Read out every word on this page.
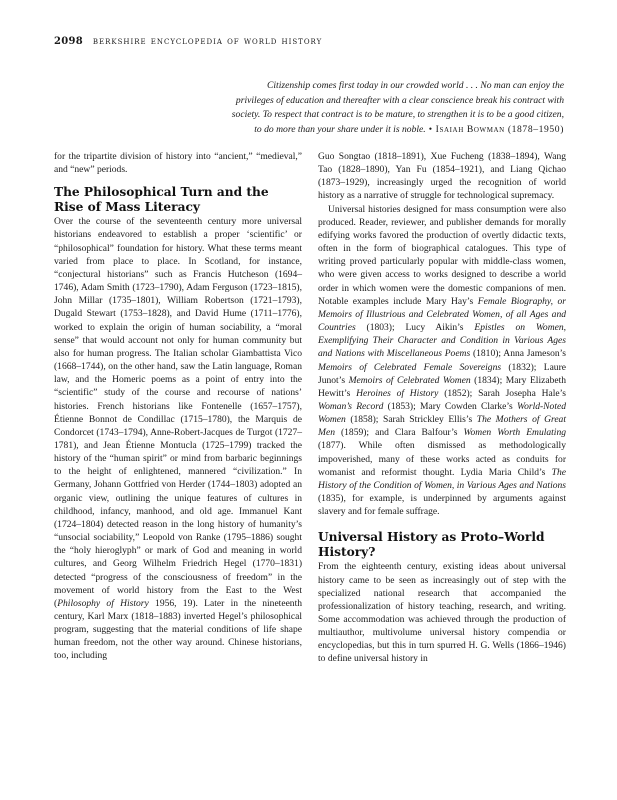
2098 berkshire encyclopedia of world history
Citizenship comes first today in our crowded world . . . No man can enjoy the
privileges of education and thereafter with a clear conscience break his contract with
society. To respect that contract is to be mature, to strengthen it is to be a good citizen,
to do more than your share under it is noble. • Isaiah Bowman (1878–1950)

for the tripartite division of history into “ancient,” “medieval,” and “new” periods.

The Philosophical Turn and the Rise of Mass Literacy

Over the course of the seventeenth century more universal historians endeavored to establish a proper ‘scientific’ or “philosophical” foundation for history. What these terms meant varied from place to place. In Scotland, for instance, “conjectural historians” such as Francis Hutcheson (1694–1746), Adam Smith (1723–1790), Adam Ferguson (1723–1815), John Millar (1735–1801), William Robertson (1721–1793), Dugald Stewart (1753–1828), and David Hume (1711–1776), worked to explain the origin of human sociability, a “moral sense” that would account not only for human community but also for human progress. The Italian scholar Giambattista Vico (1668–1744), on the other hand, saw the Latin language, Roman law, and the Homeric poems as a point of entry into the “scientific” study of the course and recourse of nations’ histories. French historians like Fontenelle (1657–1757), Étienne Bonnot de Condillac (1715–1780), the Marquis de Condorcet (1743–1794), Anne-Robert-Jacques de Turgot (1727–1781), and Jean Étienne Montucla (1725–1799) tracked the history of the “human spirit” or mind from barbaric beginnings to the height of enlightened, mannered “civilization.” In Germany, Johann Gottfried von Herder (1744–1803) adopted an organic view, outlining the unique features of cultures in childhood, infancy, manhood, and old age. Immanuel Kant (1724–1804) detected reason in the long history of humanity’s “unsocial sociability,” Leopold von Ranke (1795–1886) sought the “holy hieroglyph” or mark of God and meaning in world cultures, and Georg Wilhelm Friedrich Hegel (1770–1831) detected “progress of the consciousness of freedom” in the movement of world history from the East to the West (Philosophy of History 1956, 19). Later in the nineteenth century, Karl Marx (1818–1883) inverted Hegel’s philosophical program, suggesting that the material conditions of life shape human freedom, not the other way around. Chinese historians, too, including

Guo Songtao (1818–1891), Xue Fucheng (1838–1894), Wang Tao (1828–1890), Yan Fu (1854–1921), and Liang Qichao (1873–1929), increasingly urged the recognition of world history as a narrative of struggle for technological supremacy.

Universal histories designed for mass consumption were also produced. Reader, reviewer, and publisher demands for morally edifying works favored the production of overtly didactic texts, often in the form of biographical catalogues. This type of writing proved particularly popular with middle-class women, who were given access to works designed to describe a world order in which women were the domestic companions of men. Notable examples include Mary Hay’s Female Biography, or Memoirs of Illustrious and Celebrated Women, of all Ages and Countries (1803); Lucy Aikin’s Epistles on Women, Exemplifying Their Character and Condition in Various Ages and Nations with Miscellaneous Poems (1810); Anna Jameson’s Memoirs of Celebrated Female Sovereigns (1832); Laure Junot’s Memoirs of Celebrated Women (1834); Mary Elizabeth Hewitt’s Heroines of History (1852); Sarah Josepha Hale’s Woman’s Record (1853); Mary Cowden Clarke’s World-Noted Women (1858); Sarah Strickley Ellis’s The Mothers of Great Men (1859); and Clara Balfour’s Women Worth Emulating (1877). While often dismissed as methodologically impoverished, many of these works acted as conduits for womanist and reformist thought. Lydia Maria Child’s The History of the Condition of Women, in Various Ages and Nations (1835), for example, is underpinned by arguments against slavery and for female suffrage.

Universal History as Proto–World History?

From the eighteenth century, existing ideas about universal history came to be seen as increasingly out of step with the specialized national research that accompanied the professionalization of history teaching, research, and writing. Some accommodation was achieved through the production of multiauthor, multivolume universal history compendia or encyclopedias, but this in turn spurred H. G. Wells (1866–1946) to define universal history in
